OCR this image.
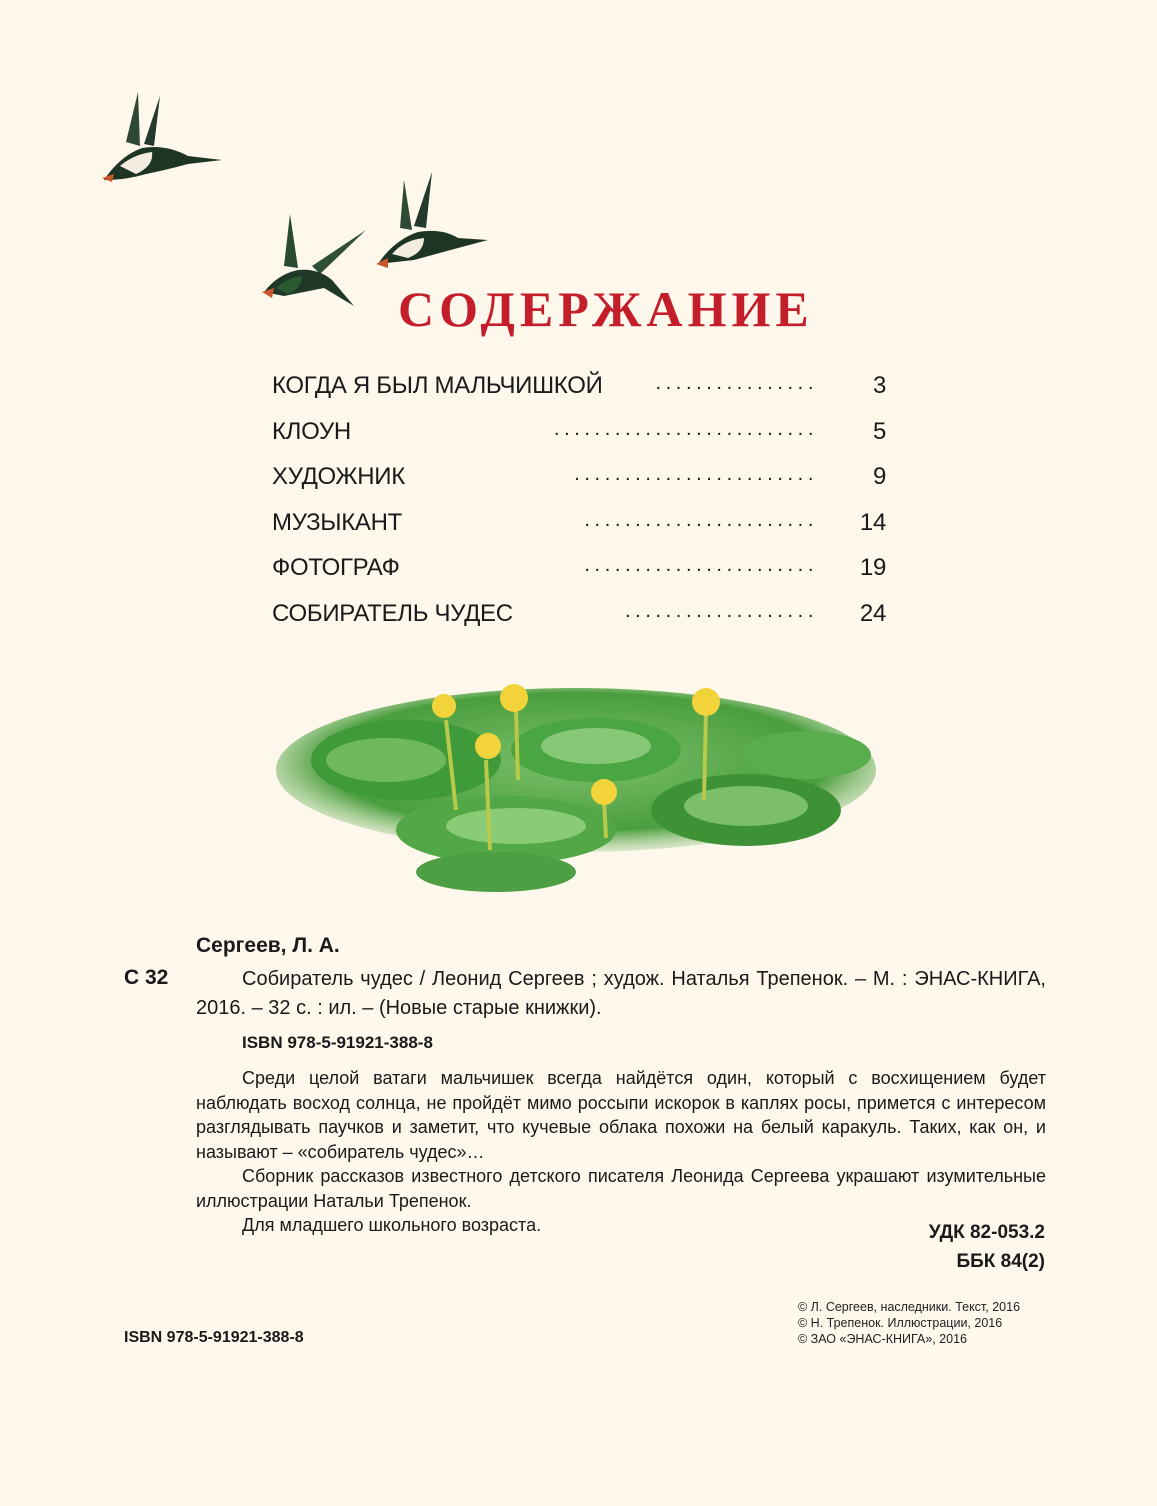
СОДЕРЖАНИЕ
КОГДА Я БЫЛ МАЛЬЧИШКОЙ	................ 3
КЛОУН	.......................... 5
ХУДОЖНИК	........................ 9
МУЗЫКАНТ	....................... 14
ФОТОГРАФ	....................... 19
СОБИРАТЕЛЬ ЧУДЕС	................... 24
Сергеев, Л. А.
С 32	Собиратель чудес / Леонид Сергеев ; худож. Наталья Трепенок. – М. : ЭНАС-КНИГА, 2016. – 32 с. : ил. – (Новые старые книжки).

ISBN 978-5-91921-388-8

Среди целой ватаги мальчишек всегда найдётся один, который с восхищением будет наблюдать восход солнца, не пройдёт мимо россыпи искорок в каплях росы, примется с интересом разглядывать паучков и заметит, что кучевые облака похожи на белый каракуль. Таких, как он, и называют – «собиратель чудес»…

Сборник рассказов известного детского писателя Леонида Сергеева украшают изумительные иллюстрации Натальи Трепенок.

Для младшего школьного возраста.	УДК 82-053.2
ББК 84(2)
ISBN 978-5-91921-388-8
© Л. Сергеев, наследники. Текст, 2016
© Н. Трепенок. Иллюстрации, 2016
© ЗАО «ЭНАС-КНИГА», 2016
